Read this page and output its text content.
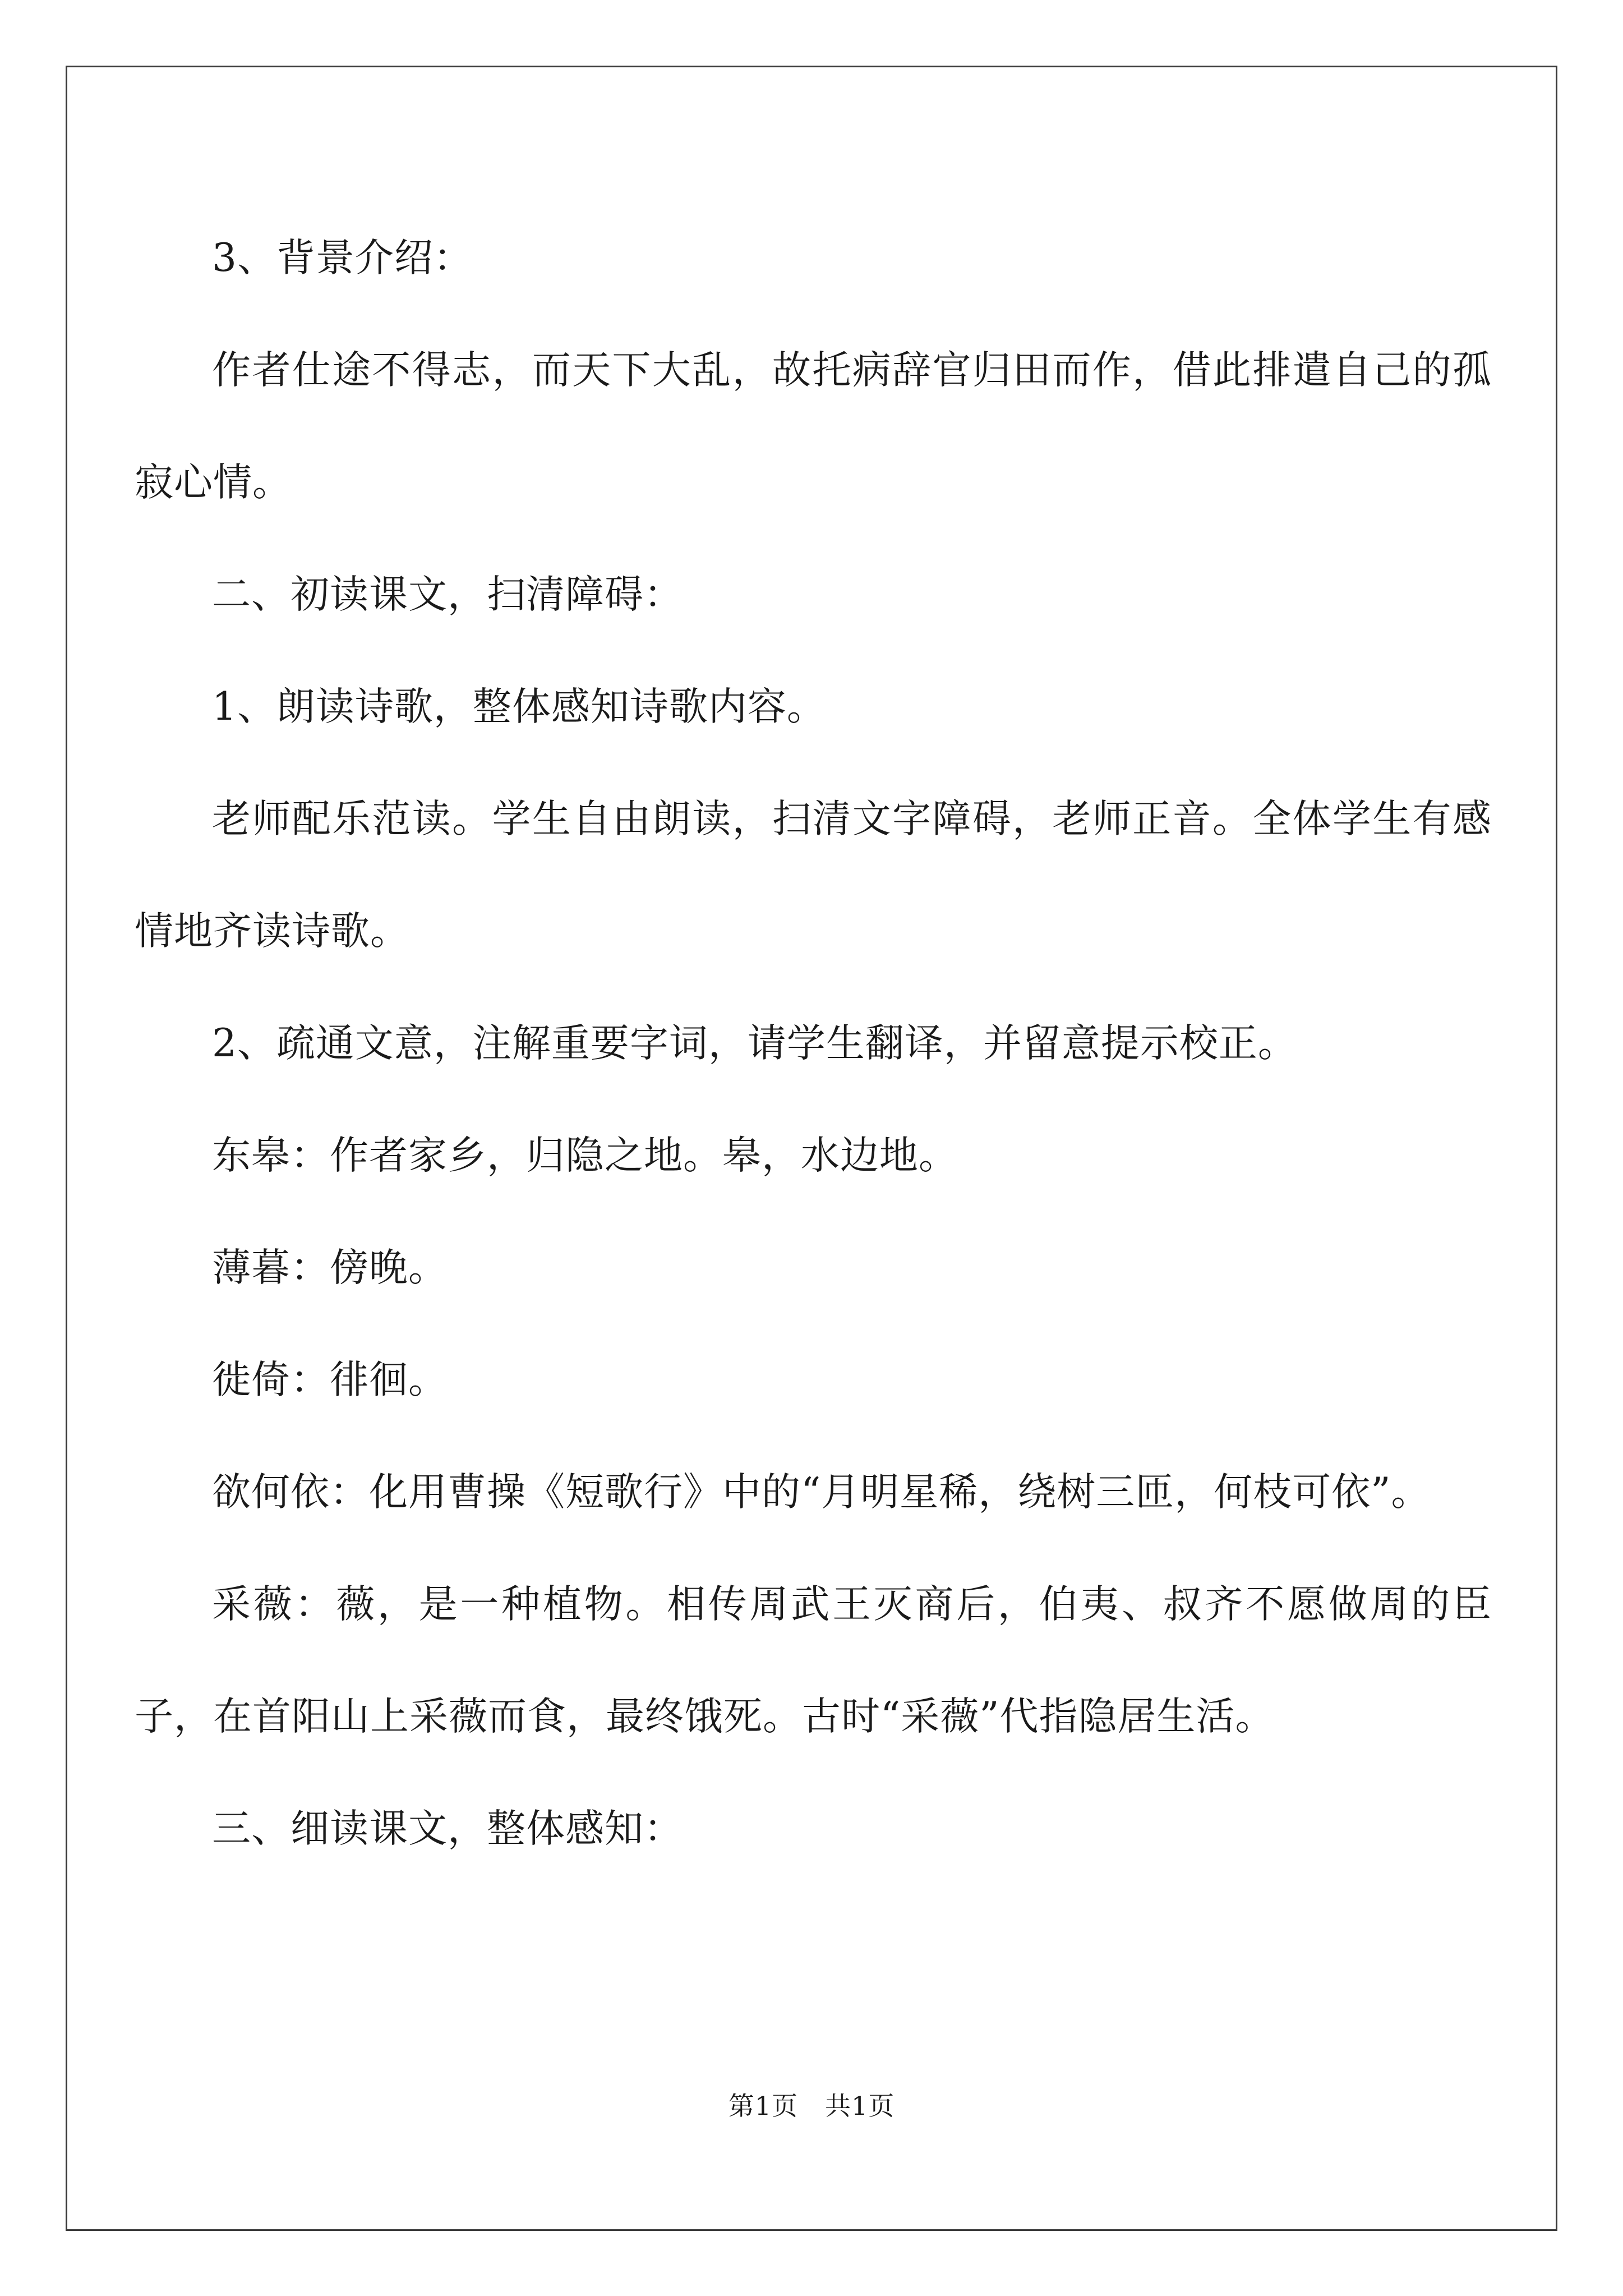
3、背景介绍：

作者仕途不得志，而天下大乱，故托病辞官归田而作，借此排遣自己的孤寂心情。

二、初读课文，扫清障碍：

1、朗读诗歌，整体感知诗歌内容。

老师配乐范读。学生自由朗读，扫清文字障碍，老师正音。全体学生有感情地齐读诗歌。

2、疏通文意，注解重要字词，请学生翻译，并留意提示校正。

东皋：作者家乡，归隐之地。皋，水边地。

薄暮：傍晚。

徙倚：徘徊。

欲何依：化用曹操《短歌行》中的“月明星稀，绕树三匝，何枝可依”。

采薇：薇，是一种植物。相传周武王灭商后，伯夷、叔齐不愿做周的臣子，在首阳山上采薇而食，最终饿死。古时“采薇”代指隐居生活。

三、细读课文，整体感知：

第1页 共1页
